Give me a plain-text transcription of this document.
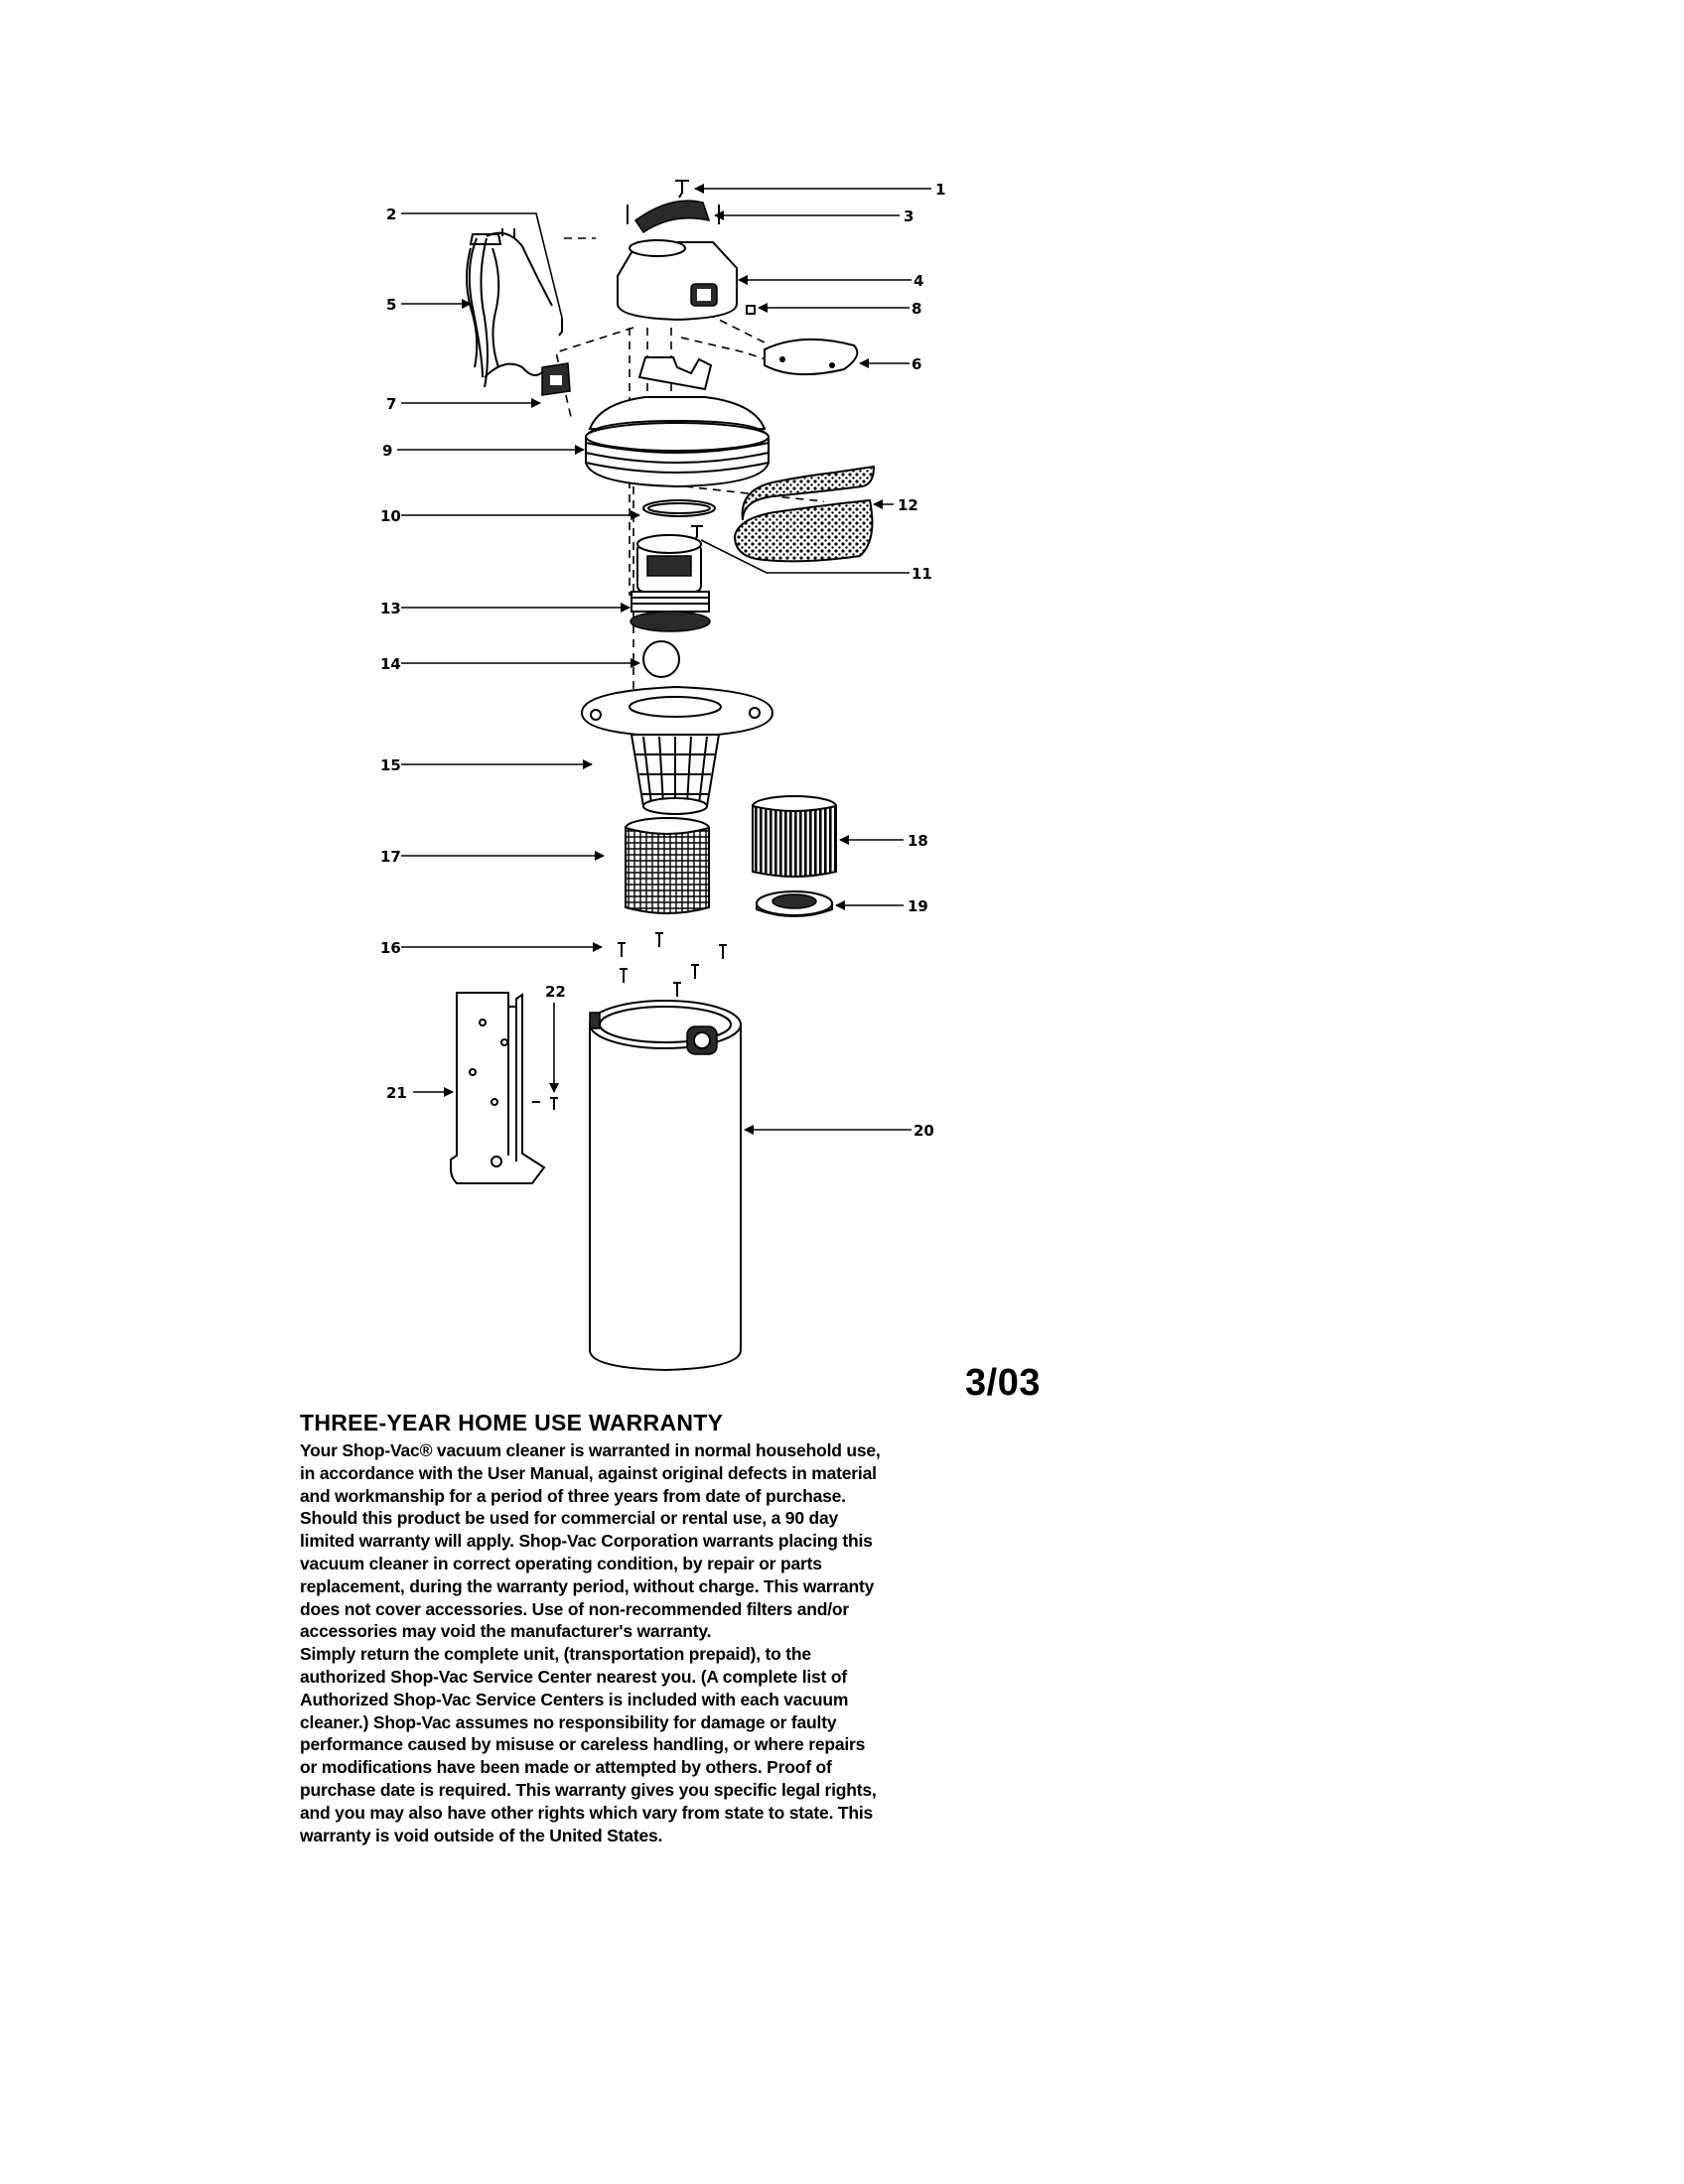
1
2	3
4
5
6
7
8
9
10
11
12
13
14
15
16
17
18
19
20
21
22
3/03
THREE-YEAR HOME USE WARRANTY

Your Shop-Vac® vacuum cleaner is warranted in normal household use, in accordance with the User Manual, against original defects in material and workmanship for a period of three years from date of purchase. Should this product be used for commercial or rental use, a 90 day limited warranty will apply. Shop-Vac Corporation warrants placing this vacuum cleaner in correct operating condition, by repair or parts replacement, during the warranty period, without charge. This warranty does not cover accessories. Use of non-recommended filters and/or accessories may void the manufacturer's warranty.

Simply return the complete unit, (transportation prepaid), to the authorized Shop-Vac Service Center nearest you. (A complete list of Authorized Shop-Vac Service Centers is included with each vacuum cleaner.) Shop-Vac assumes no responsibility for damage or faulty performance caused by misuse or careless handling, or where repairs or modifications have been made or attempted by others. Proof of purchase date is required. This warranty gives you specific legal rights, and you may also have other rights which vary from state to state. This warranty is void outside of the United States.
